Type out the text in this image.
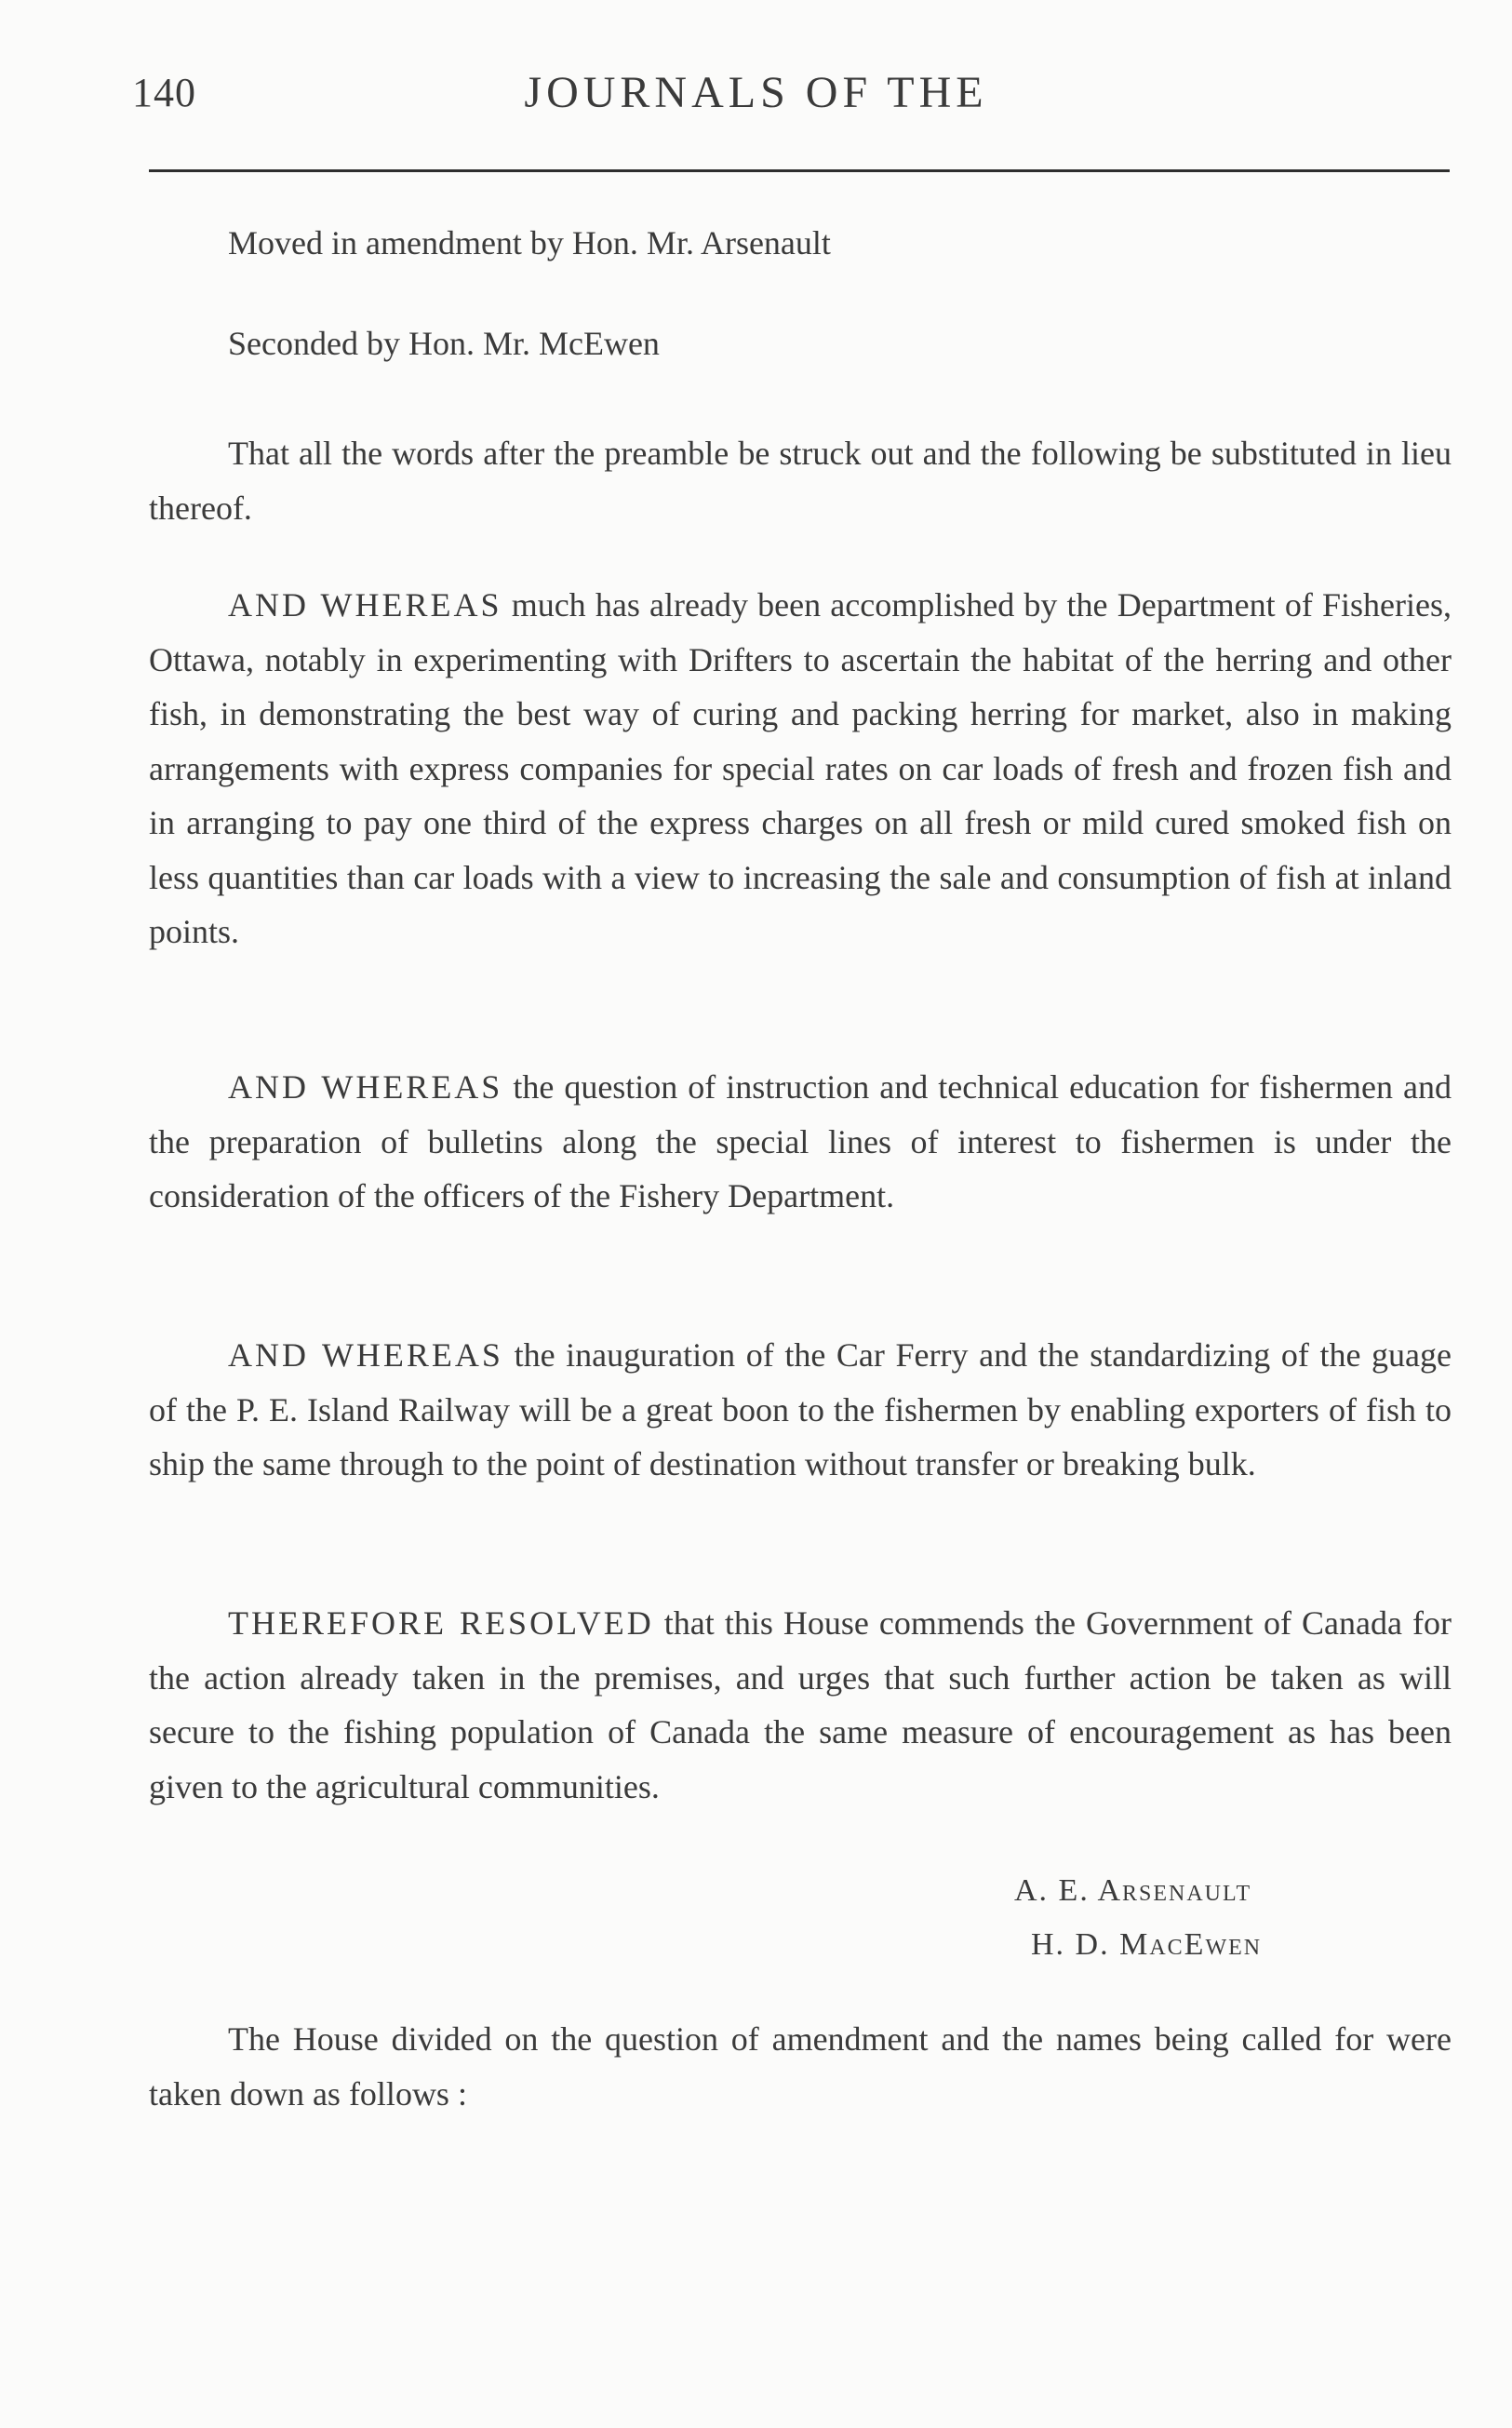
140	JOURNALS OF THE

Moved in amendment by Hon. Mr. Arsenault

Seconded by Hon. Mr. McEwen

That all the words after the preamble be struck out and the following be substituted in lieu thereof.

AND WHEREAS much has already been accomplished by the Department of Fisheries, Ottawa, notably in experimenting with Drifters to ascertain the habitat of the herring and other fish, in demonstrating the best way of curing and packing herring for market, also in making arrangements with express companies for special rates on car loads of fresh and frozen fish and in arranging to pay one third of the express charges on all fresh or mild cured smoked fish on less quantities than car loads with a view to increasing the sale and consumption of fish at inland points.

AND WHEREAS the question of instruction and technical education for fishermen and the preparation of bulletins along the special lines of interest to fishermen is under the consideration of the officers of the Fishery Department.

AND WHEREAS the inauguration of the Car Ferry and the standardizing of the guage of the P. E. Island Railway will be a great boon to the fishermen by enabling exporters of fish to ship the same through to the point of destination without transfer or breaking bulk.

THEREFORE RESOLVED that this House commends the Government of Canada for the action already taken in the premises, and urges that such further action be taken as will secure to the fishing population of Canada the same measure of encouragement as has been given to the agricultural communities.

A. E. Arsenault
H. D. MacEwen

The House divided on the question of amendment and the names being called for were taken down as follows :
